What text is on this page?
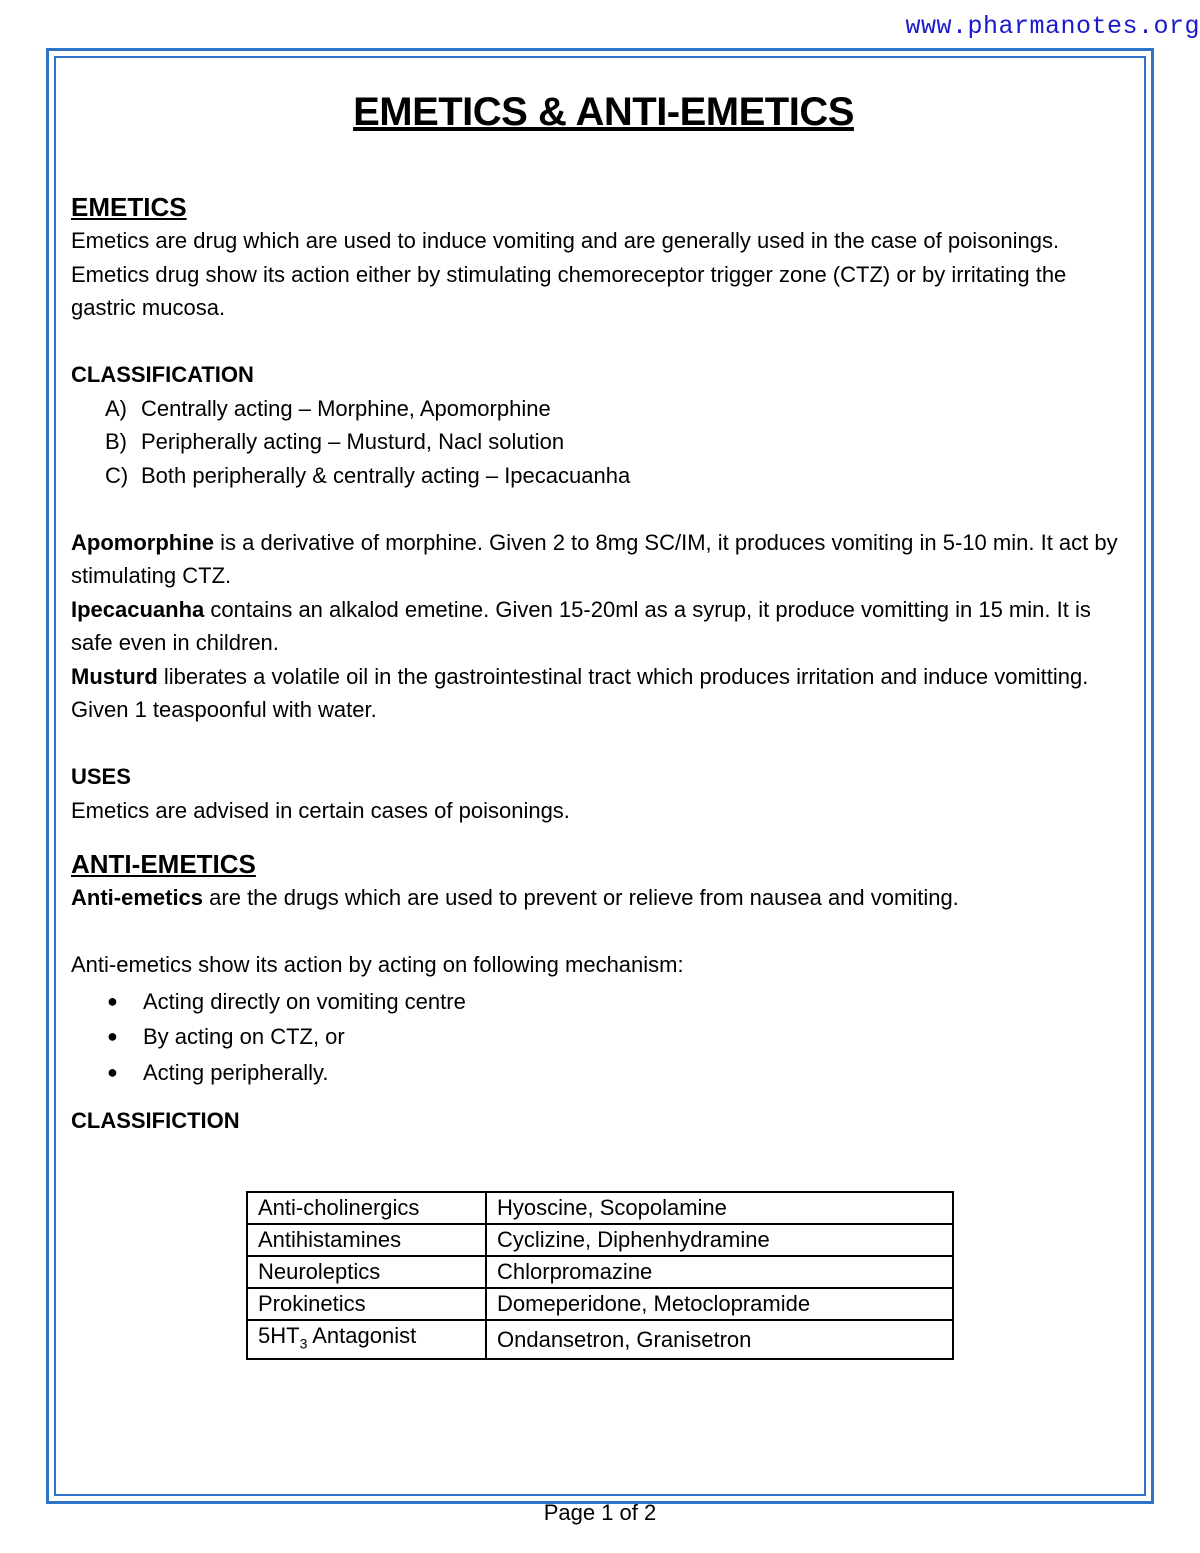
www.pharmanotes.org
EMETICS & ANTI-EMETICS
EMETICS

Emetics are drug which are used to induce vomiting and are generally used in the case of poisonings.

Emetics drug show its action either by stimulating chemoreceptor trigger zone (CTZ) or by irritating the gastric mucosa.

CLASSIFICATION

A) Centrally acting – Morphine, Apomorphine
B) Peripherally acting – Musturd, Nacl solution
C) Both peripherally & centrally acting – Ipecacuanha

Apomorphine is a derivative of morphine. Given 2 to 8mg SC/IM, it produces vomiting in 5-10 min. It act by stimulating CTZ.

Ipecacuanha contains an alkalod emetine. Given 15-20ml as a syrup, it produce vomitting in 15 min. It is safe even in children.

Musturd liberates a volatile oil in the gastrointestinal tract which produces irritation and induce vomitting. Given 1 teaspoonful with water.

USES

Emetics are advised in certain cases of poisonings.

ANTI-EMETICS

Anti-emetics are the drugs which are used to prevent or relieve from nausea and vomiting.

Anti-emetics show its action by acting on following mechanism:

●	Acting directly on vomiting centre
●	By acting on CTZ, or
●	Acting peripherally.

CLASSIFICTION

Anti-cholinergics	Hyoscine, Scopolamine
Antihistamines	Cyclizine, Diphenhydramine
Neuroleptics	Chlorpromazine
Prokinetics	Domeperidone, Metoclopramide
$5HT_3$ Antagonist	Ondansetron, Granisetron
Page 1 of 2
